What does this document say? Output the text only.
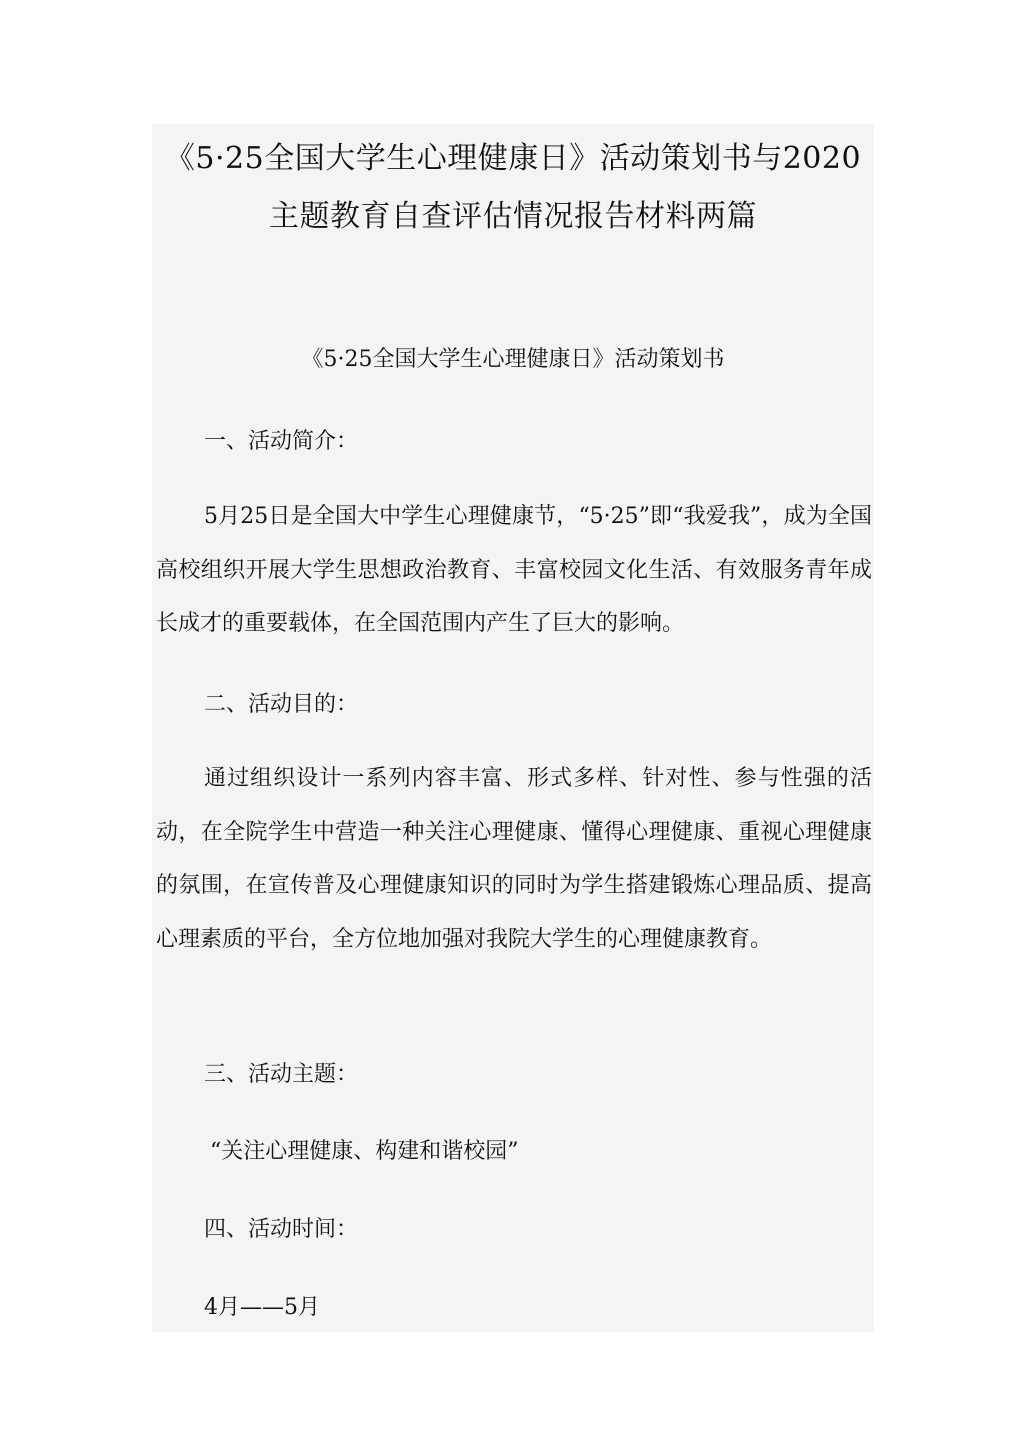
《5·25全国大学生心理健康日》活动策划书与2020主题教育自查评估情况报告材料两篇

《5·25全国大学生心理健康日》活动策划书

一、活动简介：

5月25日是全国大中学生心理健康节，“5·25”即“我爱我”，成为全国高校组织开展大学生思想政治教育、丰富校园文化生活、有效服务青年成长成才的重要载体，在全国范围内产生了巨大的影响。

二、活动目的：

通过组织设计一系列内容丰富、形式多样、针对性、参与性强的活动，在全院学生中营造一种关注心理健康、懂得心理健康、重视心理健康的氛围，在宣传普及心理健康知识的同时为学生搭建锻炼心理品质、提高心理素质的平台，全方位地加强对我院大学生的心理健康教育。

三、活动主题：

“关注心理健康、构建和谐校园”

四、活动时间：

4月——5月
